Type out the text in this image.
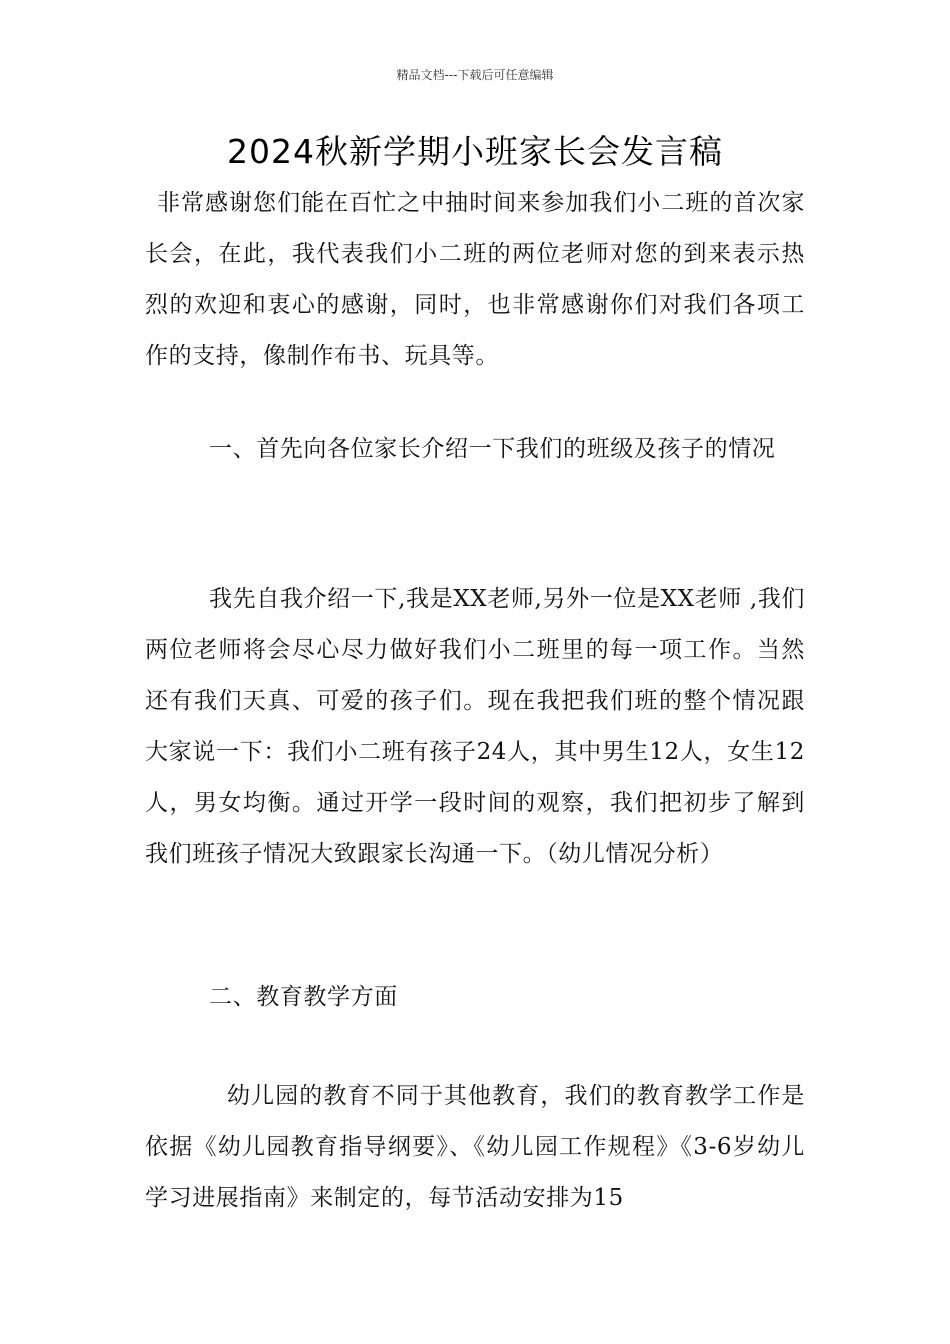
精品文档---下载后可任意编辑
2024秋新学期小班家长会发言稿

非常感谢您们能在百忙之中抽时间来参加我们小二班的首次家长会，在此，我代表我们小二班的两位老师对您的到来表示热烈的欢迎和衷心的感谢，同时，也非常感谢你们对我们各项工作的支持，像制作布书、玩具等。

一、首先向各位家长介绍一下我们的班级及孩子的情况

我先自我介绍一下,我是XX老师,另外一位是XX老师 ,我们两位老师将会尽心尽力做好我们小二班里的每一项工作。当然还有我们天真、可爱的孩子们。现在我把我们班的整个情况跟大家说一下：我们小二班有孩子24人，其中男生12人，女生12人，男女均衡。通过开学一段时间的观察，我们把初步了解到我们班孩子情况大致跟家长沟通一下。（幼儿情况分析）

二、教育教学方面

幼儿园的教育不同于其他教育，我们的教育教学工作是依据《幼儿园教育指导纲要》、《幼儿园工作规程》《3-6岁幼儿学习进展指南》来制定的，每节活动安排为15
